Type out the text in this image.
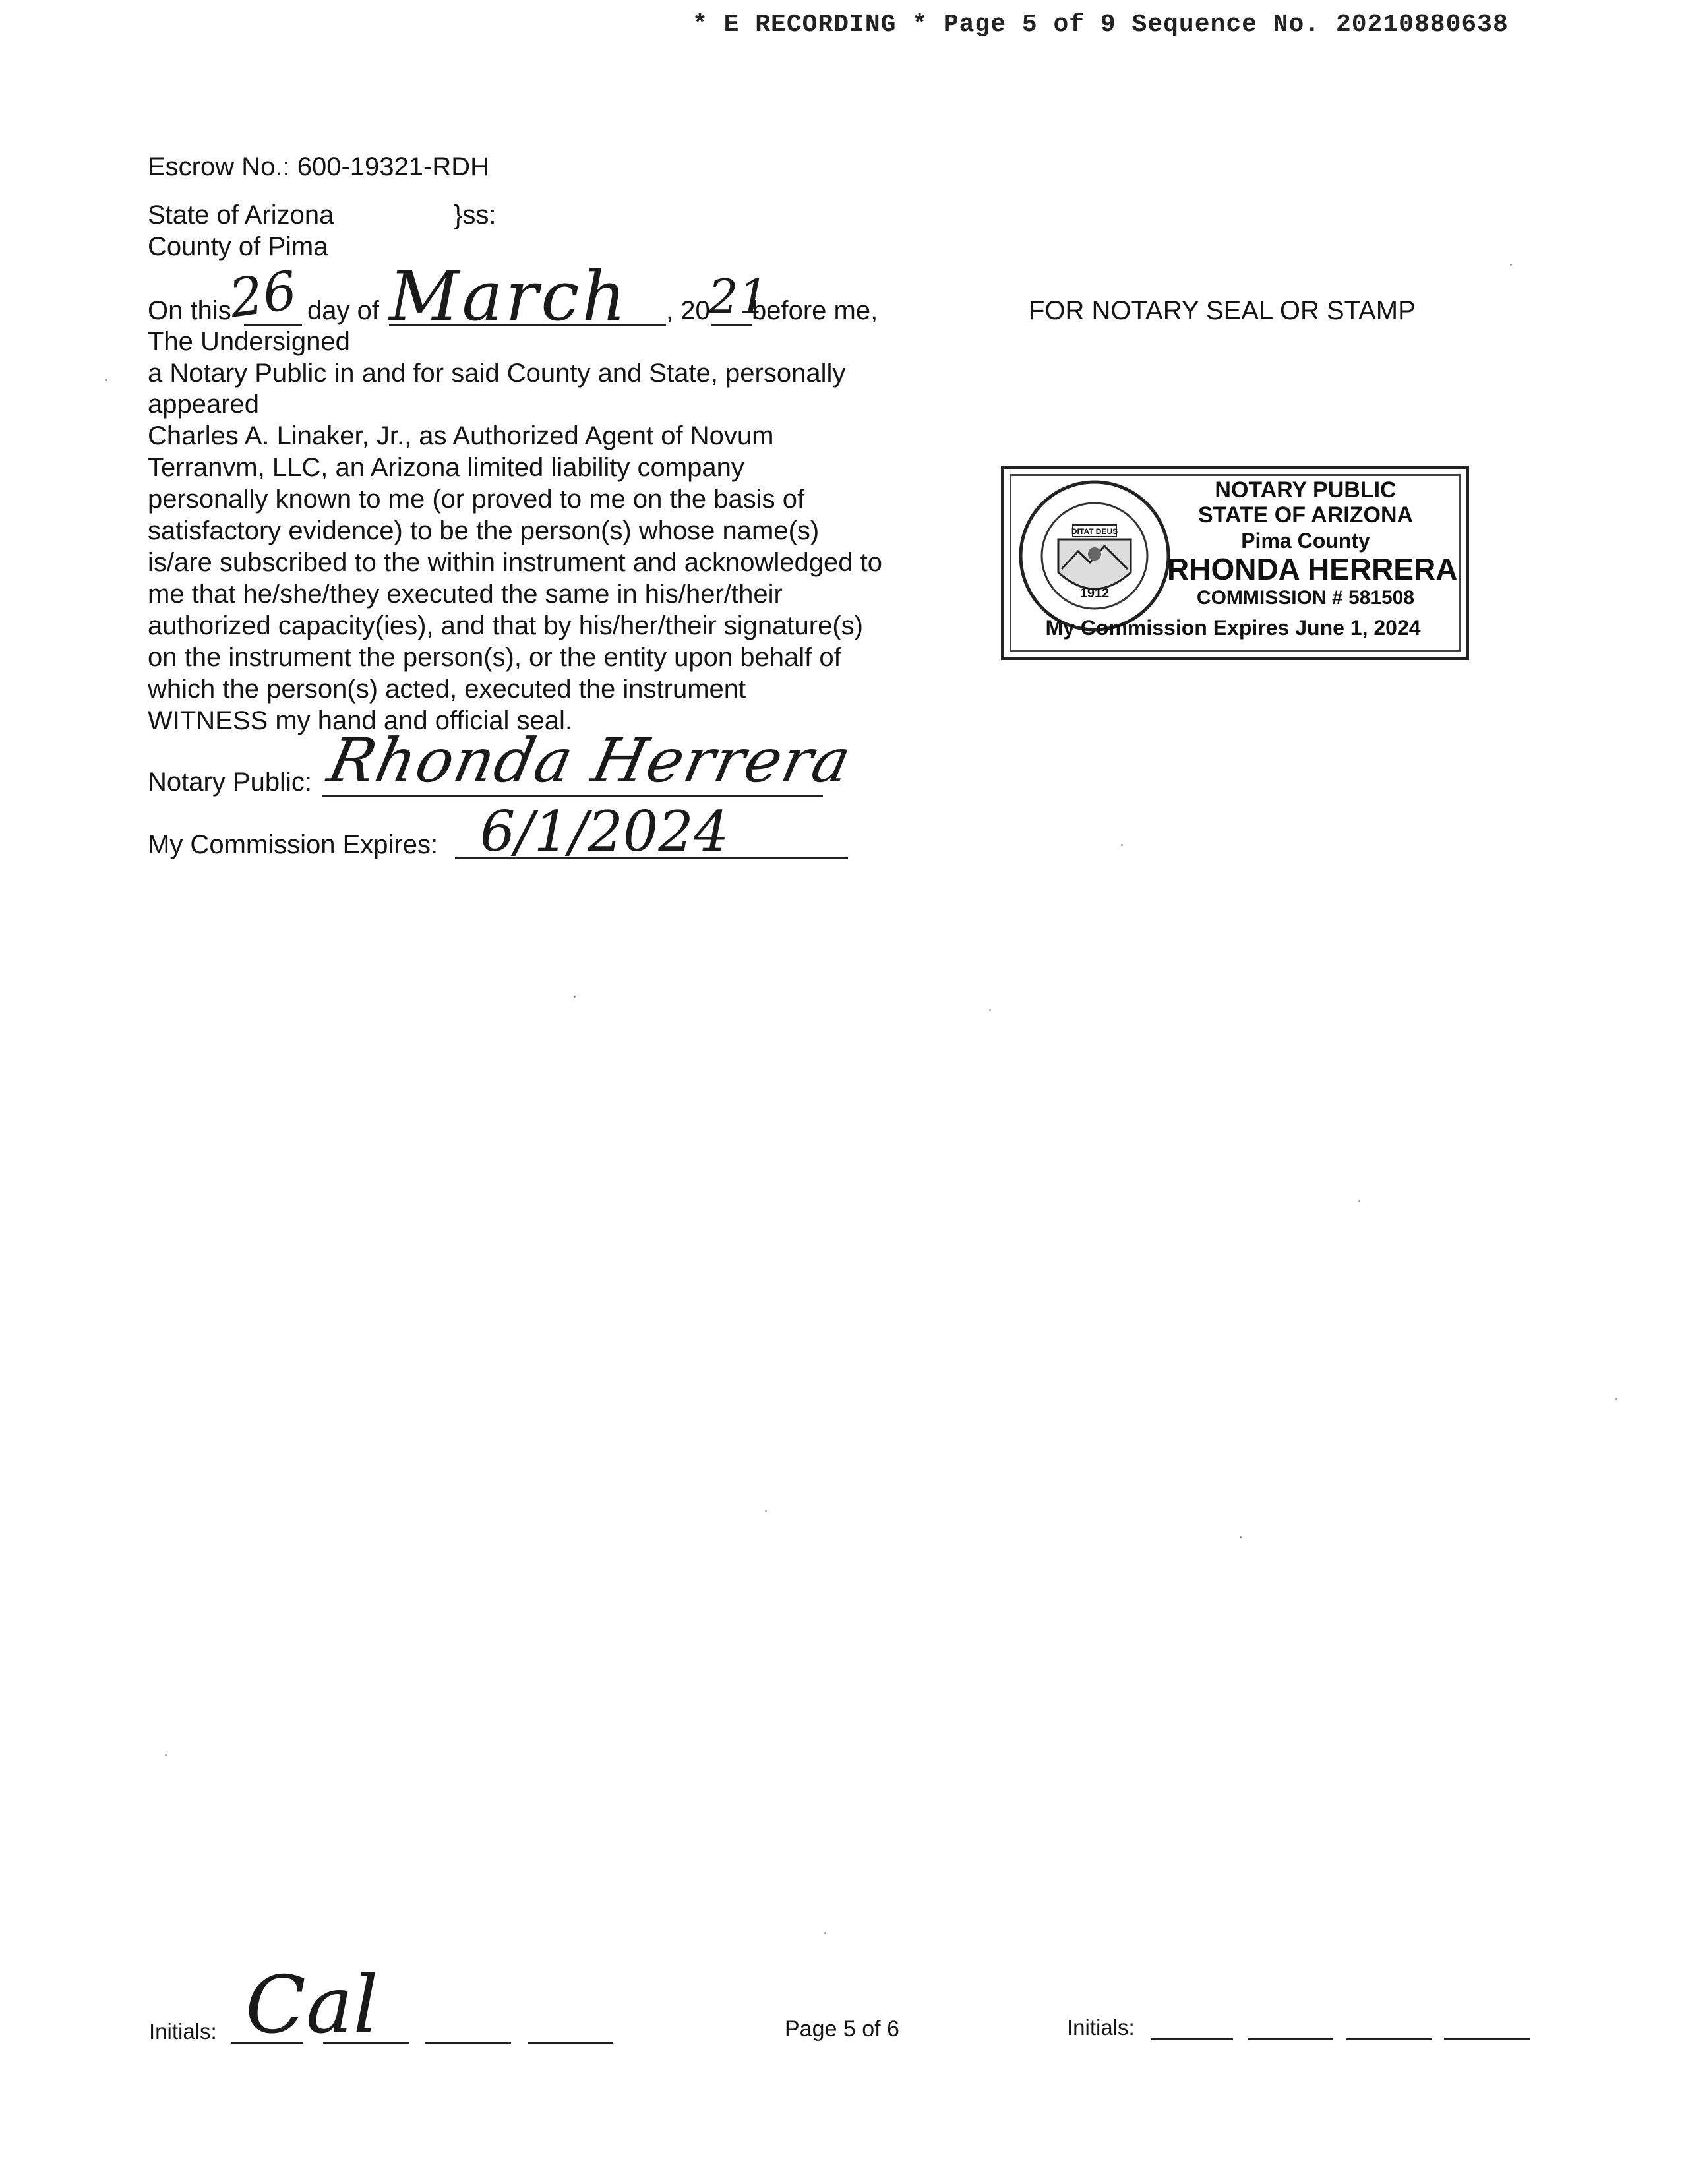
* E RECORDING * Page 5 of 9 Sequence No. 20210880638
Escrow No.: 600-19321-RDH
State of Arizona	}ss:
County of Pima
On this
26 day of March , 20
21
before me,
The Undersigned
a Notary Public in and for said County and State, personally
appeared
Charles A. Linaker, Jr., as Authorized Agent of Novum
Terranvm, LLC, an Arizona limited liability company
personally known to me (or proved to me on the basis of
satisfactory evidence) to be the person(s) whose name(s)
is/are subscribed to the within instrument and acknowledged to
me that he/she/they executed the same in his/her/their
authorized capacity(ies), and that by his/her/their signature(s)
on the instrument the person(s), or the entity upon behalf of
which the person(s) acted, executed the instrument
WITNESS my hand and official seal.
Notary Public: Rhonda Herrera
My Commission Expires: 6/1/2024
FOR NOTARY SEAL OR STAMP
DITAT DEUS
1912
NOTARY PUBLIC
STATE OF ARIZONA
Pima County
RHONDA HERRERA
COMMISSION # 581508
My Commission Expires June 1, 2024
Initials: Cal	Page 5 of 6	Initials:
